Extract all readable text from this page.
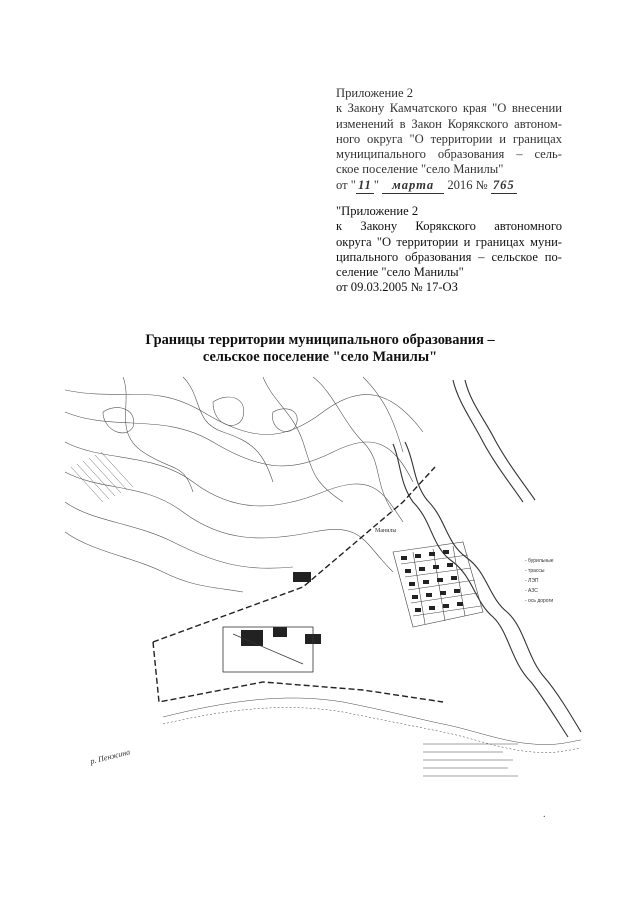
Приложение 2
к Закону Камчатского края "О внесении
изменений в Закон Корякского автоном-
ного округа "О территории и границах
муниципального образования – сель-
ское поселение "село Манилы"
от " 11 " марта 2016 № 765
"Приложение 2
к Закону Корякского автономного
округа "О территории и границах муни-
ципального образования – сельское по-
селение "село Манилы"
от 09.03.2005 № 17-ОЗ
Границы территории муниципального образования –
сельское поселение "село Манилы"
Манилы
р. Пенжина
- бурильные
- трассы
- ЛЭП
- АЗС
- ось дороги
.
